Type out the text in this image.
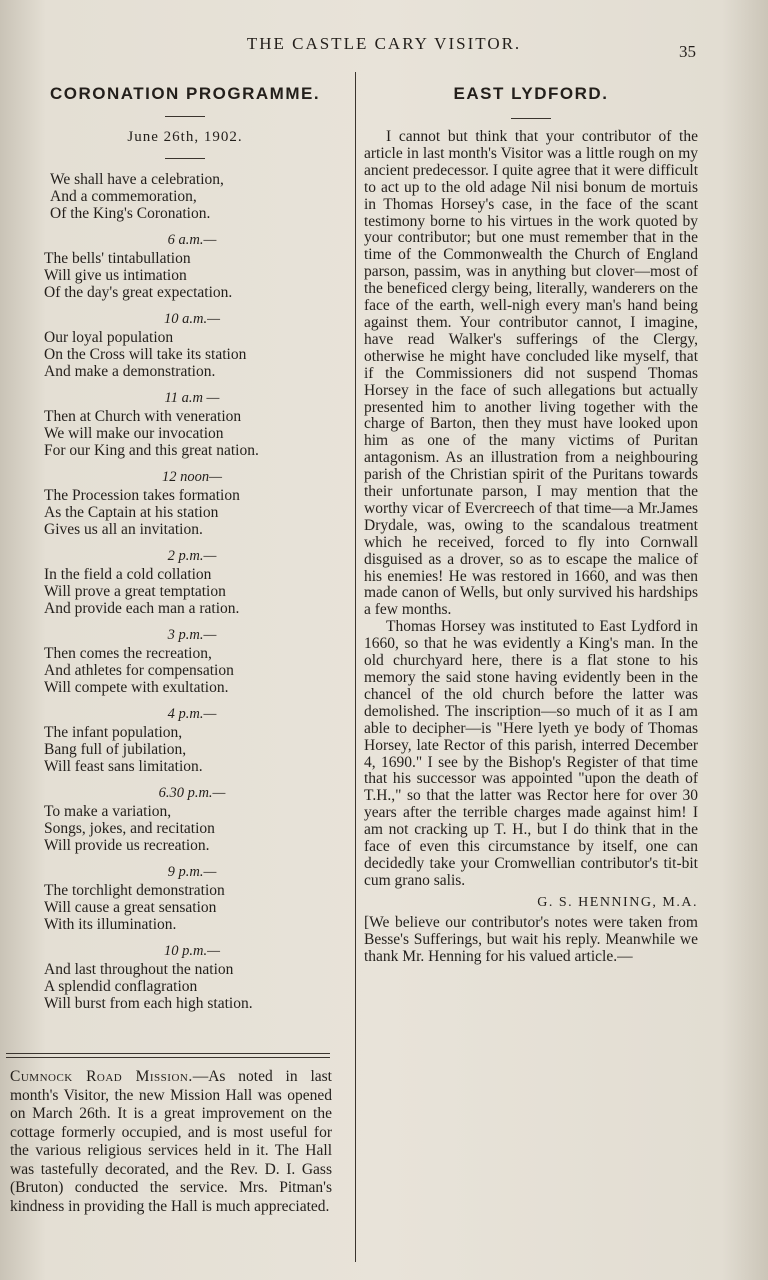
THE CASTLE CARY VISITOR.	35
CORONATION PROGRAMME.
June 26th, 1902.
We shall have a celebration,
And a commemoration,
Of the King's Coronation.
6 a.m.—
The bells' tintabullation
Will give us intimation
Of the day's great expectation.
10 a.m.—
Our loyal population
On the Cross will take its station
And make a demonstration.
11 a.m —
Then at Church with veneration
We will make our invocation
For our King and this great nation.
12 noon—
The Procession takes formation
As the Captain at his station
Gives us all an invitation.
2 p.m.—
In the field a cold collation
Will prove a great temptation
And provide each man a ration.
3 p.m.—
Then comes the recreation,
And athletes for compensation
Will compete with exultation.
4 p.m.—
The infant population,
Bang full of jubilation,
Will feast sans limitation.
6.30 p.m.—
To make a variation,
Songs, jokes, and recitation
Will provide us recreation.
9 p.m.—
The torchlight demonstration
Will cause a great sensation
With its illumination.
10 p.m.—
And last throughout the nation
A splendid conflagration
Will burst from each high station.
Cumnock Road Mission.—As noted in last month's Visitor, the new Mission Hall was opened on March 26th. It is a great improvement on the cottage formerly occupied, and is most useful for the various religious services held in it. The Hall was tastefully decorated, and the Rev. D. I. Gass (Bruton) conducted the service. Mrs. Pitman's kindness in providing the Hall is much appreciated.
EAST LYDFORD.

I cannot but think that your contributor of the article in last month's Visitor was a little rough on my ancient predecessor. I quite agree that it were difficult to act up to the old adage Nil nisi bonum de mortuis in Thomas Horsey's case, in the face of the scant testimony borne to his virtues in the work quoted by your contributor; but one must remember that in the time of the Commonwealth the Church of England parson, passim, was in anything but clover—most of the beneficed clergy being, literally, wanderers on the face of the earth, well-nigh every man's hand being against them. Your contributor cannot, I imagine, have read Walker's sufferings of the Clergy, otherwise he might have concluded like myself, that if the Commissioners did not suspend Thomas Horsey in the face of such allegations but actually presented him to another living together with the charge of Barton, then they must have looked upon him as one of the many victims of Puritan antagonism. As an illustration from a neighbouring parish of the Christian spirit of the Puritans towards their unfortunate parson, I may mention that the worthy vicar of Evercreech of that time—a Mr.James Drydale, was, owing to the scandalous treatment which he received, forced to fly into Cornwall disguised as a drover, so as to escape the malice of his enemies! He was restored in 1660, and was then made canon of Wells, but only survived his hardships a few months.

Thomas Horsey was instituted to East Lydford in 1660, so that he was evidently a King's man. In the old churchyard here, there is a flat stone to his memory the said stone having evidently been in the chancel of the old church before the latter was demolished. The inscription—so much of it as I am able to decipher—is "Here lyeth ye body of Thomas Horsey, late Rector of this parish, interred December 4, 1690." I see by the Bishop's Register of that time that his successor was appointed "upon the death of T.H.," so that the latter was Rector here for over 30 years after the terrible charges made against him! I am not cracking up T. H., but I do think that in the face of even this circumstance by itself, one can decidedly take your Cromwellian contributor's tit-bit cum grano salis.

G. S. HENNING, M.A.

[We believe our contributor's notes were taken from Besse's Sufferings, but wait his reply. Meanwhile we thank Mr. Henning for his valued article.—
